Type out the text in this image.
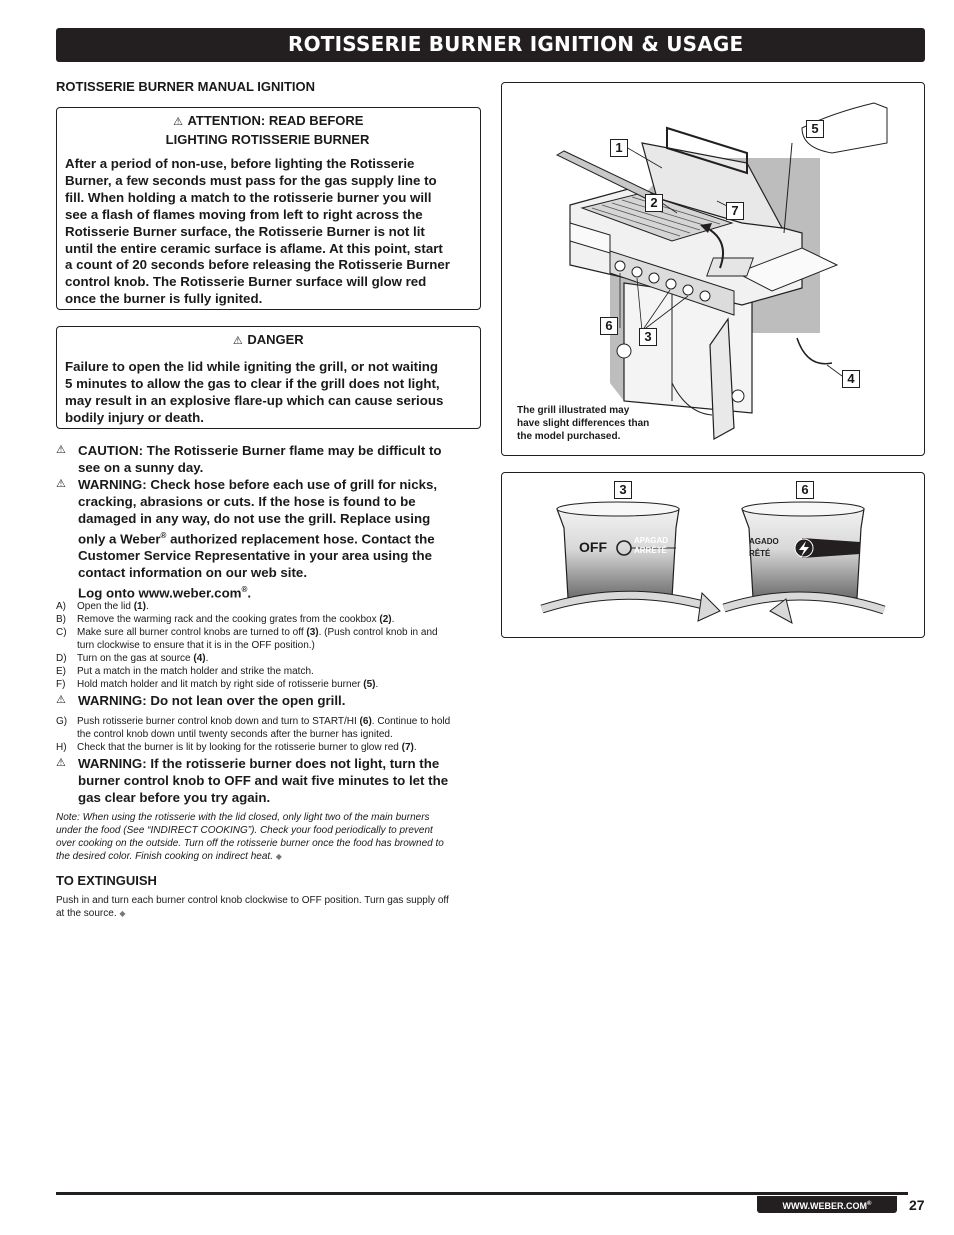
ROTISSERIE BURNER IGNITION & USAGE
ROTISSERIE BURNER MANUAL IGNITION
⚠ ATTENTION: READ BEFORE
LIGHTING ROTISSERIE BURNER
After a period of non-use, before lighting the Rotisserie
Burner, a few seconds must pass for the gas supply line to
fill. When holding a match to the rotisserie burner you will
see a flash of flames moving from left to right across the
Rotisserie Burner surface, the Rotisserie Burner is not lit
until the entire ceramic surface is aflame. At this point, start
a count of 20 seconds before releasing the Rotisserie Burner
control knob. The Rotisserie Burner surface will glow red
once the burner is fully ignited.
⚠ DANGER
Failure to open the lid while igniting the grill, or not waiting
5 minutes to allow the gas to clear if the grill does not light,
may result in an explosive flare-up which can cause serious
bodily injury or death.
⚠ CAUTION: The Rotisserie Burner flame may be difficult to
see on a sunny day.
⚠ WARNING: Check hose before each use of grill for nicks,
cracking, abrasions or cuts. If the hose is found to be
damaged in any way, do not use the grill. Replace using
only a Weber® authorized replacement hose. Contact the
Customer Service Representative in your area using the
contact information on our web site.
Log onto www.weber.com®.
A) Open the lid (1).
B) Remove the warming rack and the cooking grates from the cookbox (2).
C) Make sure all burner control knobs are turned to off (3). (Push control knob in and
turn clockwise to ensure that it is in the OFF position.)
D) Turn on the gas at source (4).
E) Put a match in the match holder and strike the match.
F) Hold match holder and lit match by right side of rotisserie burner (5).
⚠ WARNING: Do not lean over the open grill.
G) Push rotisserie burner control knob down and turn to START/HI (6). Continue to hold
the control knob down until twenty seconds after the burner has ignited.
H) Check that the burner is lit by looking for the rotisserie burner to glow red (7).
⚠ WARNING: If the rotisserie burner does not light, turn the
burner control knob to OFF and wait five minutes to let the
gas clear before you try again.
Note: When using the rotisserie with the lid closed, only light two of the main burners
under the food (See “INDIRECT COOKING”). Check your food periodically to prevent
over cooking on the outside. Turn off the rotisserie burner once the food has browned to
the desired color. Finish cooking on indirect heat. ◆
TO EXTINGUISH
Push in and turn each burner control knob clockwise to OFF position. Turn gas supply off
at the source. ◆
1
2
3
4
5
6
7
The grill illustrated may
have slight differences than
the model purchased.
3	6
OFF	APAGAD
ARRÊTÉ
AGADO
RÊTÉ
WWW.WEBER.COM®	27
